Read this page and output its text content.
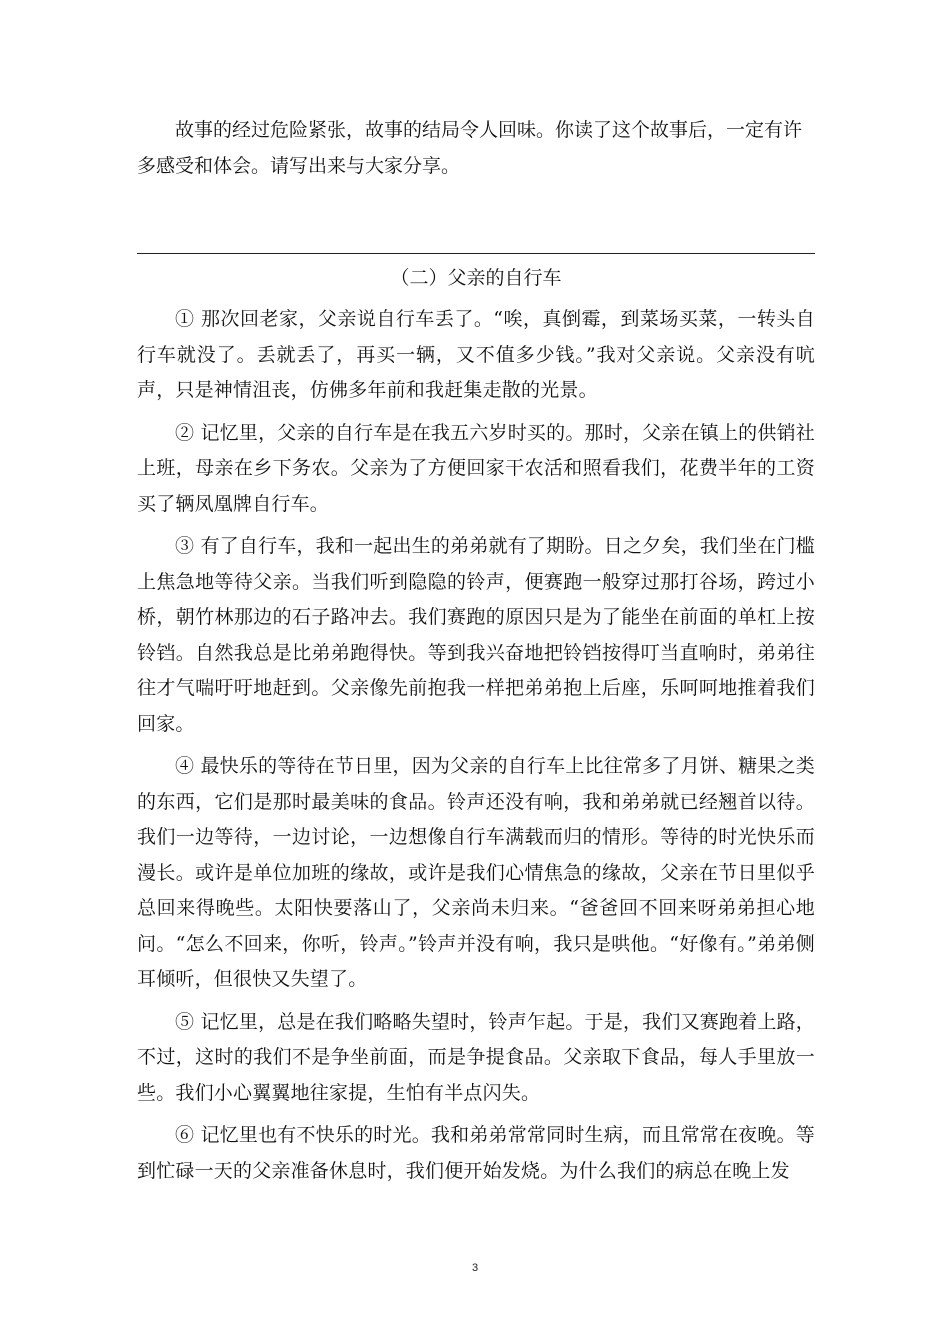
故事的经过危险紧张，故事的结局令人回味。你读了这个故事后，一定有许多感受和体会。请写出来与大家分享。

（二）父亲的自行车

① 那次回老家，父亲说自行车丢了。“唉，真倒霉，到菜场买菜，一转头自行车就没了。丢就丢了，再买一辆，又不值多少钱。”我对父亲说。父亲没有吭声，只是神情沮丧，仿佛多年前和我赶集走散的光景。

② 记忆里，父亲的自行车是在我五六岁时买的。那时，父亲在镇上的供销社上班，母亲在乡下务农。父亲为了方便回家干农活和照看我们，花费半年的工资买了辆凤凰牌自行车。

③ 有了自行车，我和一起出生的弟弟就有了期盼。日之夕矣，我们坐在门槛上焦急地等待父亲。当我们听到隐隐的铃声，便赛跑一般穿过那打谷场，跨过小桥，朝竹林那边的石子路冲去。我们赛跑的原因只是为了能坐在前面的单杠上按铃铛。自然我总是比弟弟跑得快。等到我兴奋地把铃铛按得叮当直响时，弟弟往往才气喘吁吁地赶到。父亲像先前抱我一样把弟弟抱上后座，乐呵呵地推着我们回家。

④ 最快乐的等待在节日里，因为父亲的自行车上比往常多了月饼、糖果之类的东西，它们是那时最美味的食品。铃声还没有响，我和弟弟就已经翘首以待。我们一边等待，一边讨论，一边想像自行车满载而归的情形。等待的时光快乐而漫长。或许是单位加班的缘故，或许是我们心情焦急的缘故，父亲在节日里似乎总回来得晚些。太阳快要落山了，父亲尚未归来。“爸爸回不回来呀弟弟担心地问。“怎么不回来，你听，铃声。”铃声并没有响，我只是哄他。“好像有。”弟弟侧耳倾听，但很快又失望了。

⑤ 记忆里，总是在我们略略失望时，铃声乍起。于是，我们又赛跑着上路，不过，这时的我们不是争坐前面，而是争提食品。父亲取下食品，每人手里放一些。我们小心翼翼地往家提，生怕有半点闪失。

⑥ 记忆里也有不快乐的时光。我和弟弟常常同时生病，而且常常在夜晚。等到忙碌一天的父亲准备休息时，我们便开始发烧。为什么我们的病总在晚上发

3
